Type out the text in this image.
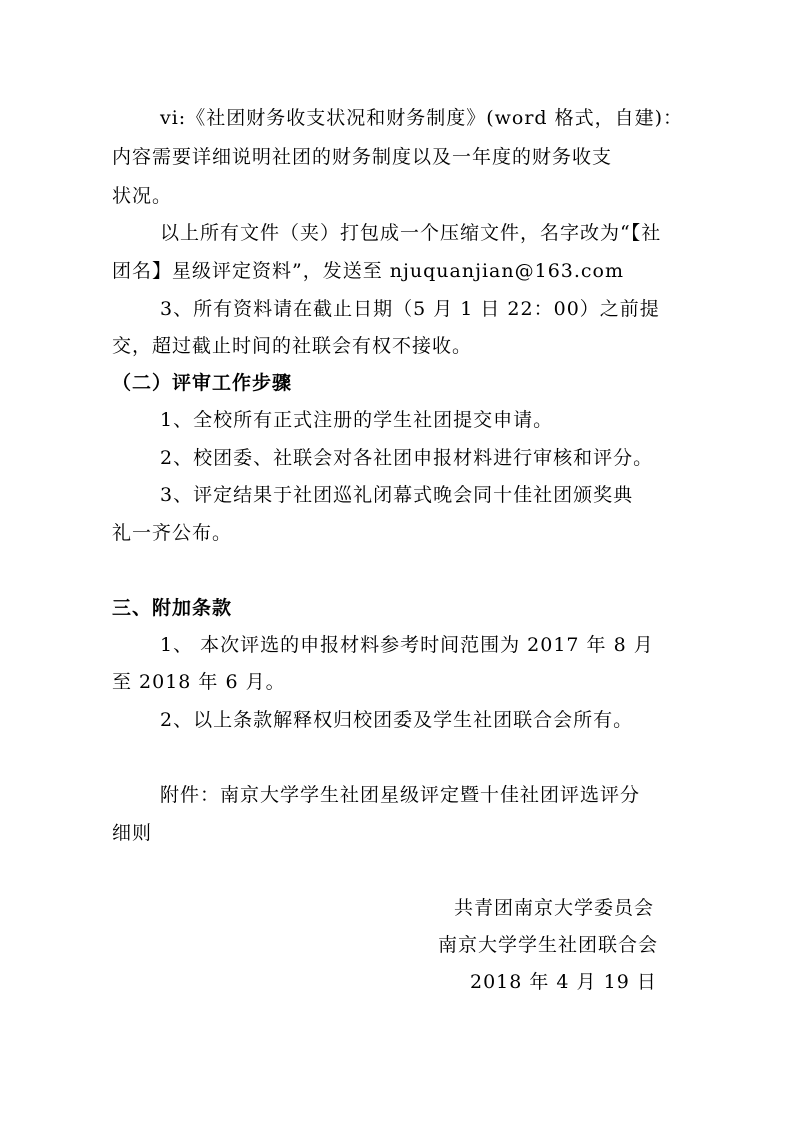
vi:《社团财务收支状况和财务制度》(word 格式，自建)：
内容需要详细说明社团的财务制度以及一年度的财务收支
状况。
以上所有文件（夹）打包成一个压缩文件，名字改为“【社
团名】星级评定资料”，发送至 njuquanjian@163.com
3、所有资料请在截止日期（5 月 1 日 22：00）之前提
交，超过截止时间的社联会有权不接收。
（二）评审工作步骤
1、全校所有正式注册的学生社团提交申请。
2、校团委、社联会对各社团申报材料进行审核和评分。
3、评定结果于社团巡礼闭幕式晚会同十佳社团颁奖典
礼一齐公布。
三、附加条款
1、 本次评选的申报材料参考时间范围为 2017 年 8 月
至 2018 年 6 月。
2、以上条款解释权归校团委及学生社团联合会所有。
附件：南京大学学生社团星级评定暨十佳社团评选评分
细则
共青团南京大学委员会
南京大学学生社团联合会
2018 年 4 月 19 日
